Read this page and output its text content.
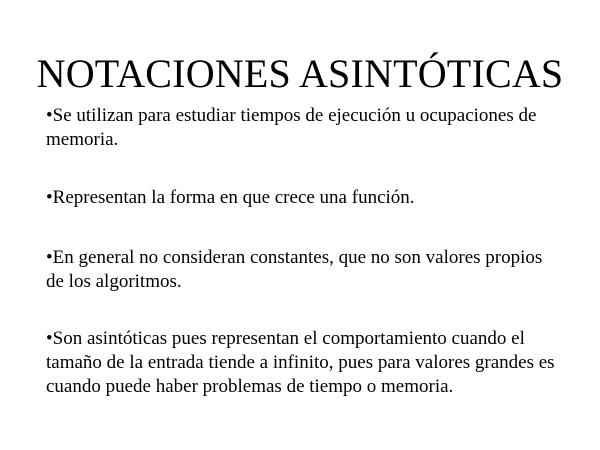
NOTACIONES ASINTÓTICAS
•Se utilizan para estudiar tiempos de ejecución u ocupaciones de memoria.
•Representan la forma en que crece una función.
•En general no consideran constantes, que no son valores propios de los algoritmos.
•Son asintóticas pues representan el comportamiento cuando el tamaño de la entrada tiende a infinito, pues para valores grandes es cuando puede haber problemas de tiempo o memoria.
